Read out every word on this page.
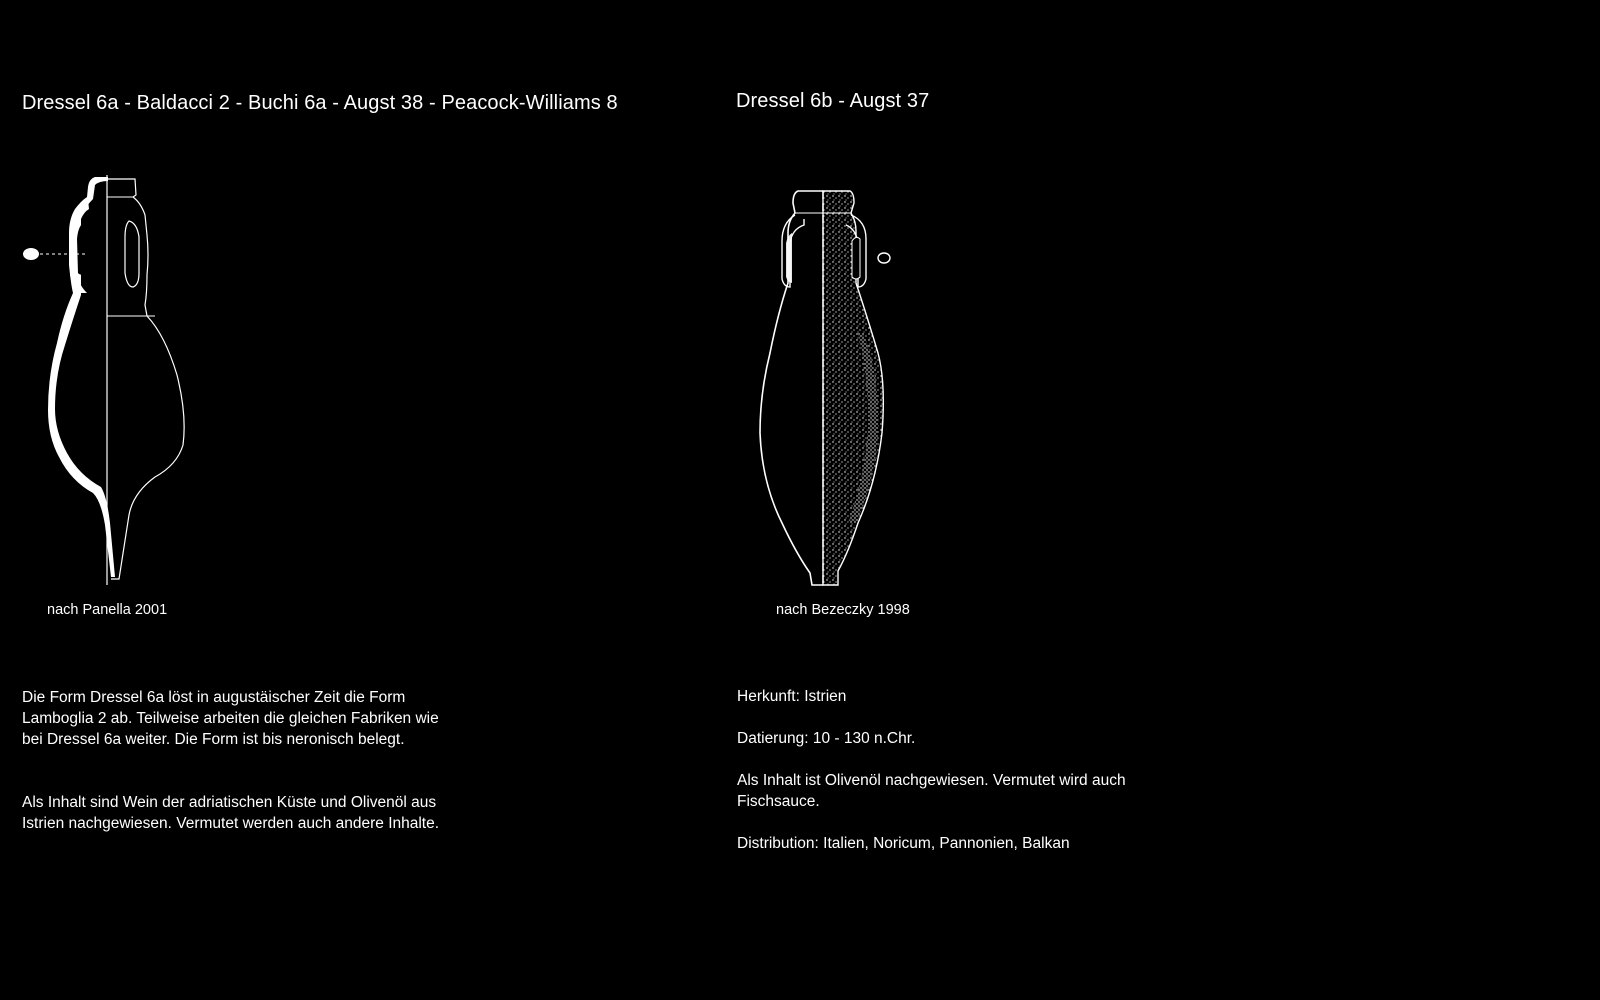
Dressel 6a - Baldacci 2 - Buchi 6a - Augst 38 - Peacock-Williams 8	Dressel 6b - Augst 37
nach Panella 2001	nach Bezeczky 1998

Die Form Dressel 6a löst in augustäischer Zeit die Form Lamboglia 2 ab. Teilweise arbeiten die gleichen Fabriken wie bei Dressel 6a weiter. Die Form ist bis neronisch belegt.

Als Inhalt sind Wein der adriatischen Küste und Olivenöl aus Istrien nachgewiesen. Vermutet werden auch andere Inhalte.

Herkunft: Istrien

Datierung: 10 - 130 n.Chr.

Als Inhalt ist Olivenöl nachgewiesen. Vermutet wird auch Fischsauce.

Distribution: Italien, Noricum, Pannonien, Balkan
